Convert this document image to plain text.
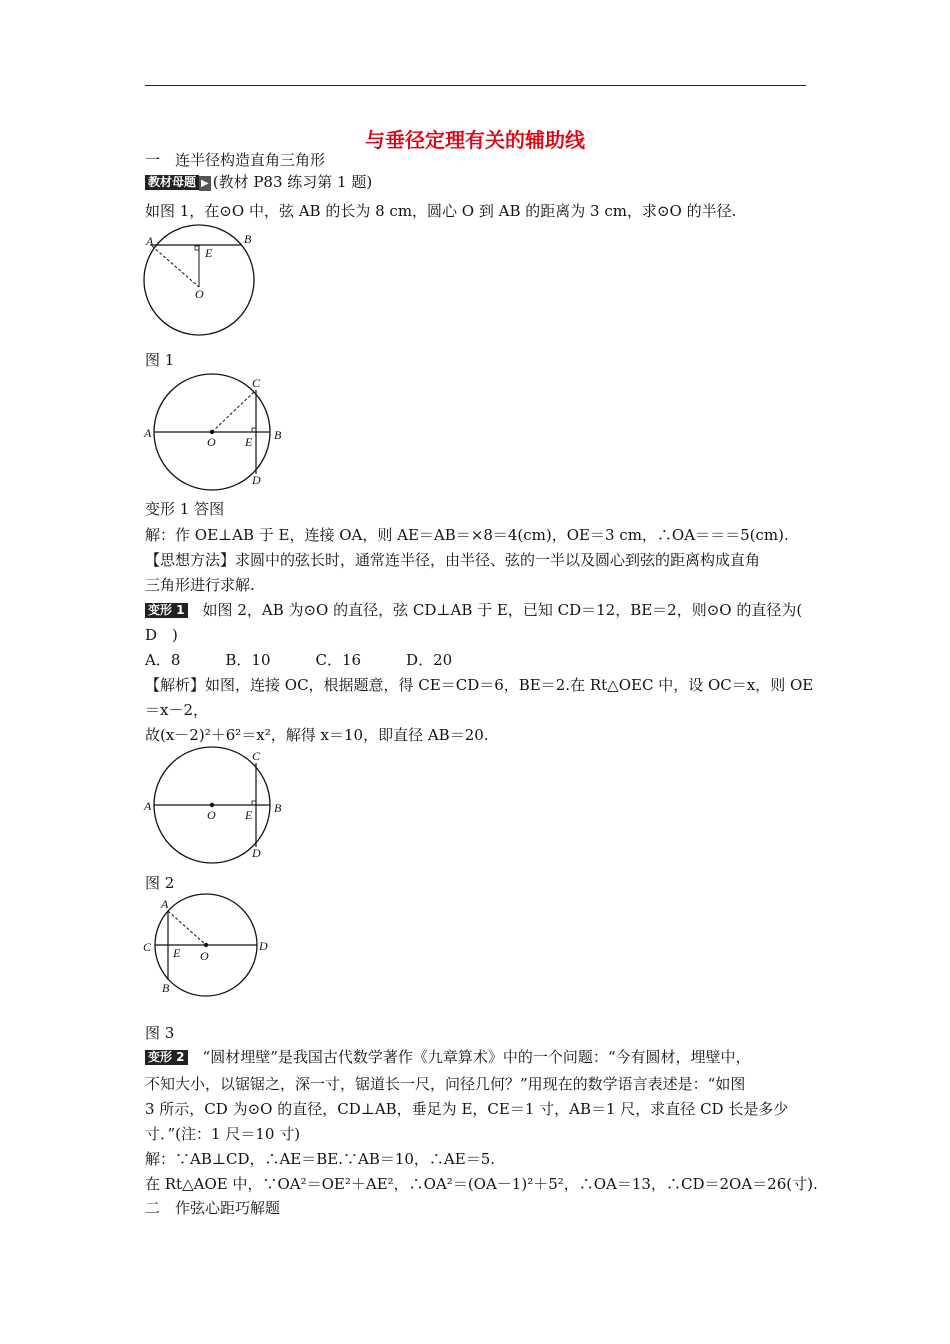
与垂径定理有关的辅助线
一　连半径构造直角三角形
教材母题 ▶ (教材 P83 练习第 1 题)
如图 1，在⊙O 中，弦 AB 的长为 8 cm，圆心 O 到 AB 的距离为 3 cm，求⊙O 的半径.
A	B
E
O
图 1
C
A
O E B
D
变形 1 答图
解：作 OE⊥AB 于 E，连接 OA，则 AE＝AB＝×8＝4(cm)，OE＝3 cm，∴OA＝＝＝5(cm).
【思想方法】求圆中的弦长时，通常连半径，由半径、弦的一半以及圆心到弦的距离构成直角
三角形进行求解.
变形 1　 如图 2，AB 为⊙O 的直径，弦 CD⊥AB 于 E，已知 CD＝12，BE＝2，则⊙O 的直径为(
D　)
A．8　　　B．10　　　C．16　　　D．20
【解析】如图，连接 OC，根据题意，得 CE＝CD＝6，BE＝2.在 Rt△OEC 中，设 OC＝x，则 OE
＝x－2，
故(x－2)²＋6²＝x²，解得 x＝10，即直径 AB＝20.
C
A
O E B
D
图 2
A
C E O
D
B
图 3
变形 2　 “圆材埋壁”是我国古代数学著作《九章算术》中的一个问题：“今有圆材，埋壁中，
不知大小，以锯锯之，深一寸，锯道长一尺，问径几何？”用现在的数学语言表述是：“如图
3 所示，CD 为⊙O 的直径，CD⊥AB，垂足为 E，CE＝1 寸，AB＝1 尺，求直径 CD 长是多少
寸．”(注：1 尺＝10 寸)
解：∵AB⊥CD，∴AE＝BE.∵AB＝10，∴AE＝5.
在 Rt△AOE 中，∵OA²＝OE²＋AE²，∴OA²＝(OA－1)²＋5²，∴OA＝13，∴CD＝2OA＝26(寸).
二　作弦心距巧解题
